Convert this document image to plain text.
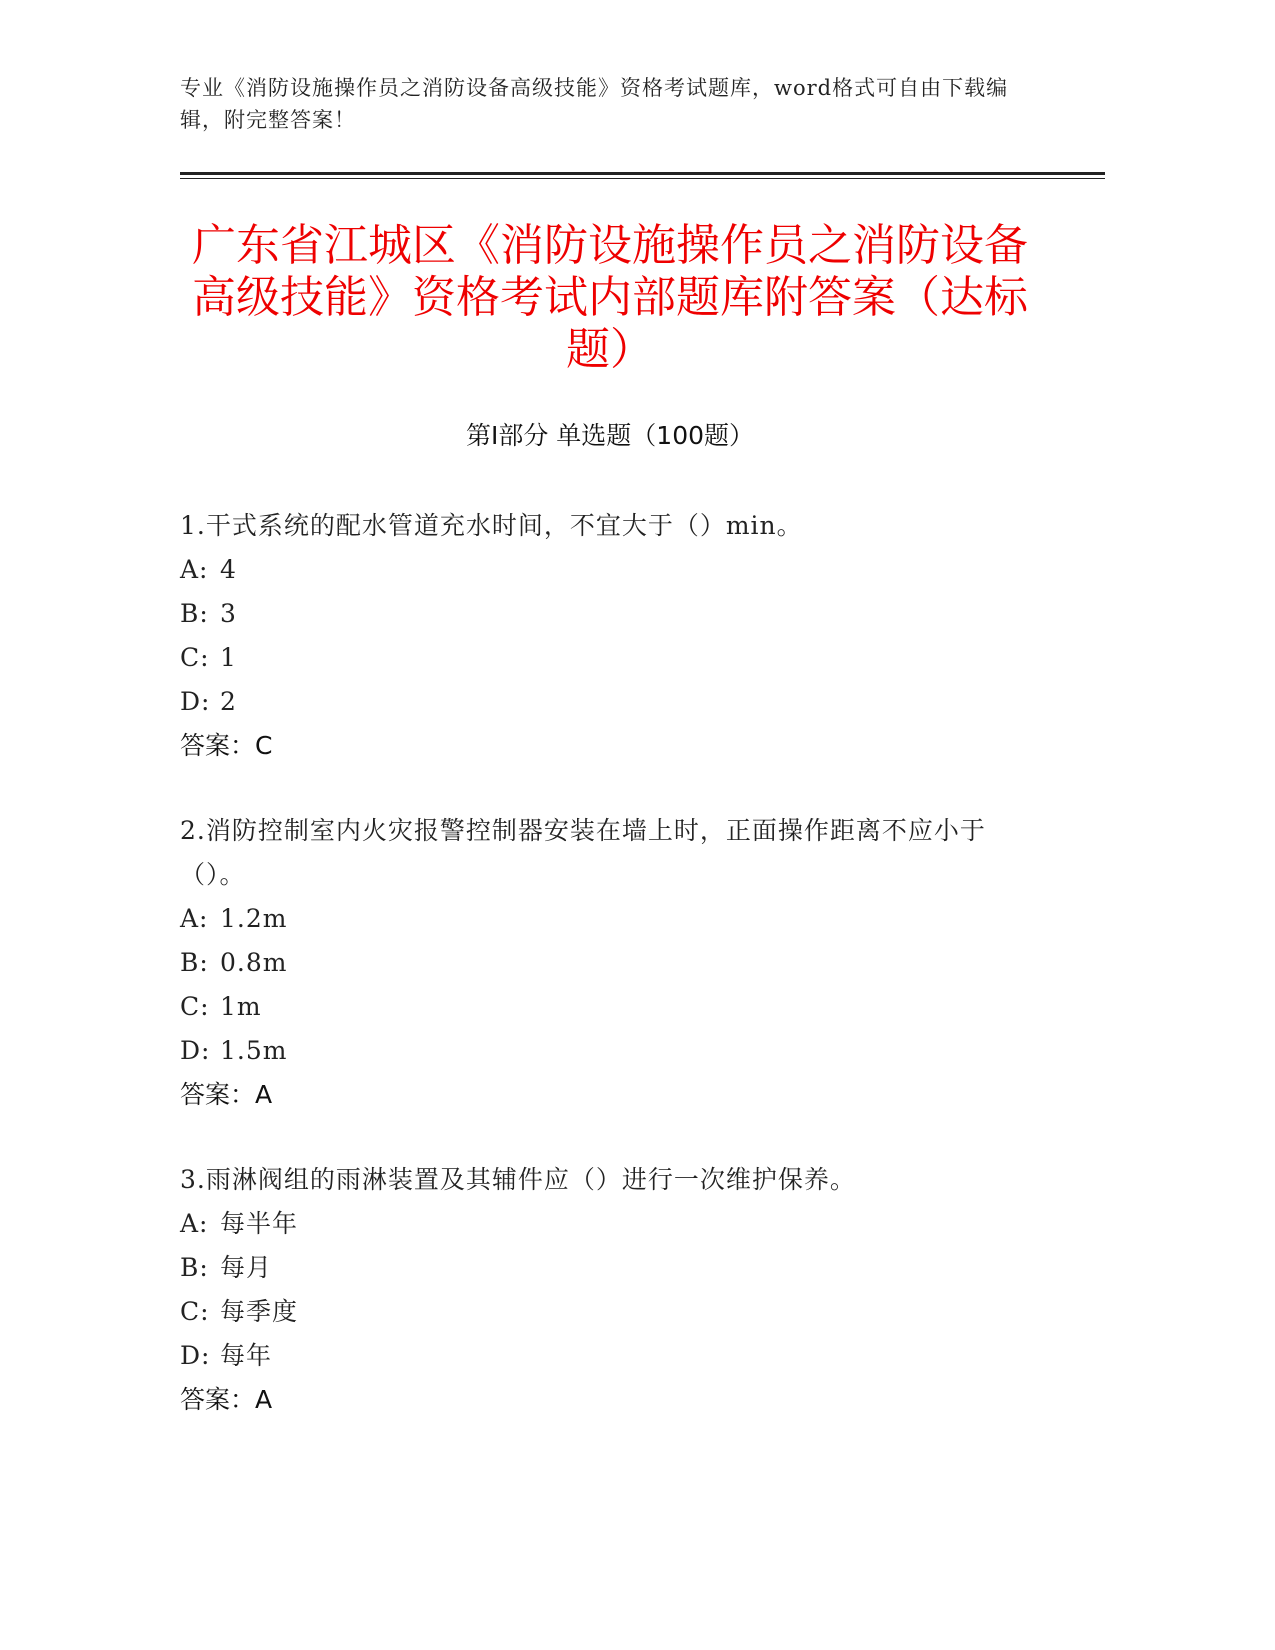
专业《消防设施操作员之消防设备高级技能》资格考试题库，word格式可自由下载编辑，附完整答案！
广东省江城区《消防设施操作员之消防设备高级技能》资格考试内部题库附答案（达标题）
第Ⅰ部分 单选题（100题）

1.干式系统的配水管道充水时间，不宜大于（）min。

A: 4

B: 3

C: 1

D: 2

答案：C

2.消防控制室内火灾报警控制器安装在墙上时，正面操作距离不应小于（）。

A: 1.2m

B: 0.8m

C: 1m

D: 1.5m

答案：A

3.雨淋阀组的雨淋装置及其辅件应（）进行一次维护保养。

A: 每半年

B: 每月

C: 每季度

D: 每年

答案：A
